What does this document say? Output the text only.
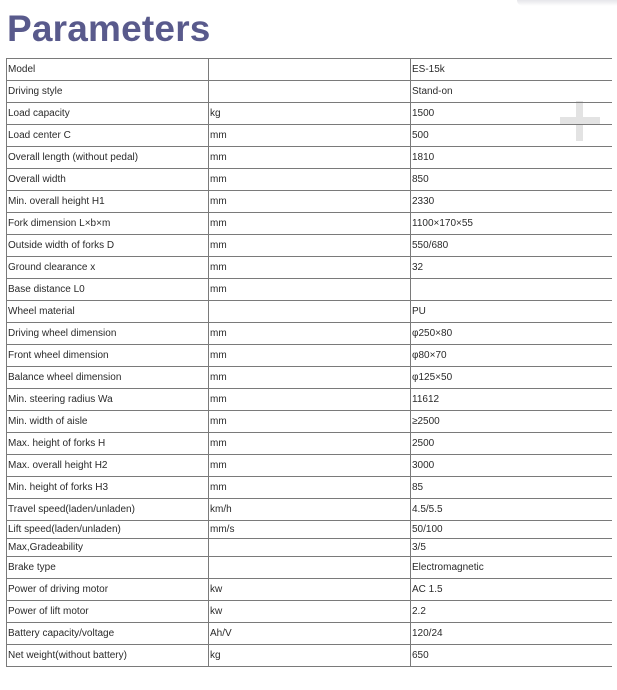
Parameters
Model		ES-15k
Driving style		Stand-on
Load capacity	kg	1500
Load center C	mm	500
Overall length (without pedal)	mm	1810
Overall width	mm	850
Min. overall height H1	mm	2330
Fork dimension L×b×m	mm	1100×170×55
Outside width of forks D	mm	550/680
Ground clearance x	mm	32
Base distance L0	mm	
Wheel material		PU
Driving wheel dimension	mm	φ250×80
Front wheel dimension	mm	φ80×70
Balance wheel dimension	mm	φ125×50
Min. steering radius Wa	mm	11612
Min. width of aisle	mm	≥2500
Max. height of forks H	mm	2500
Max. overall height H2	mm	3000
Min. height of forks H3	mm	85
Travel speed(laden/unladen)	km/h	4.5/5.5
Lift speed(laden/unladen)	mm/s	50/100
Max,Gradeability		3/5
Brake type		Electromagnetic
Power of driving motor	kw	AC 1.5
Power of lift motor	kw	2.2
Battery capacity/voltage	Ah/V	120/24
Net weight(without battery)	kg	650
